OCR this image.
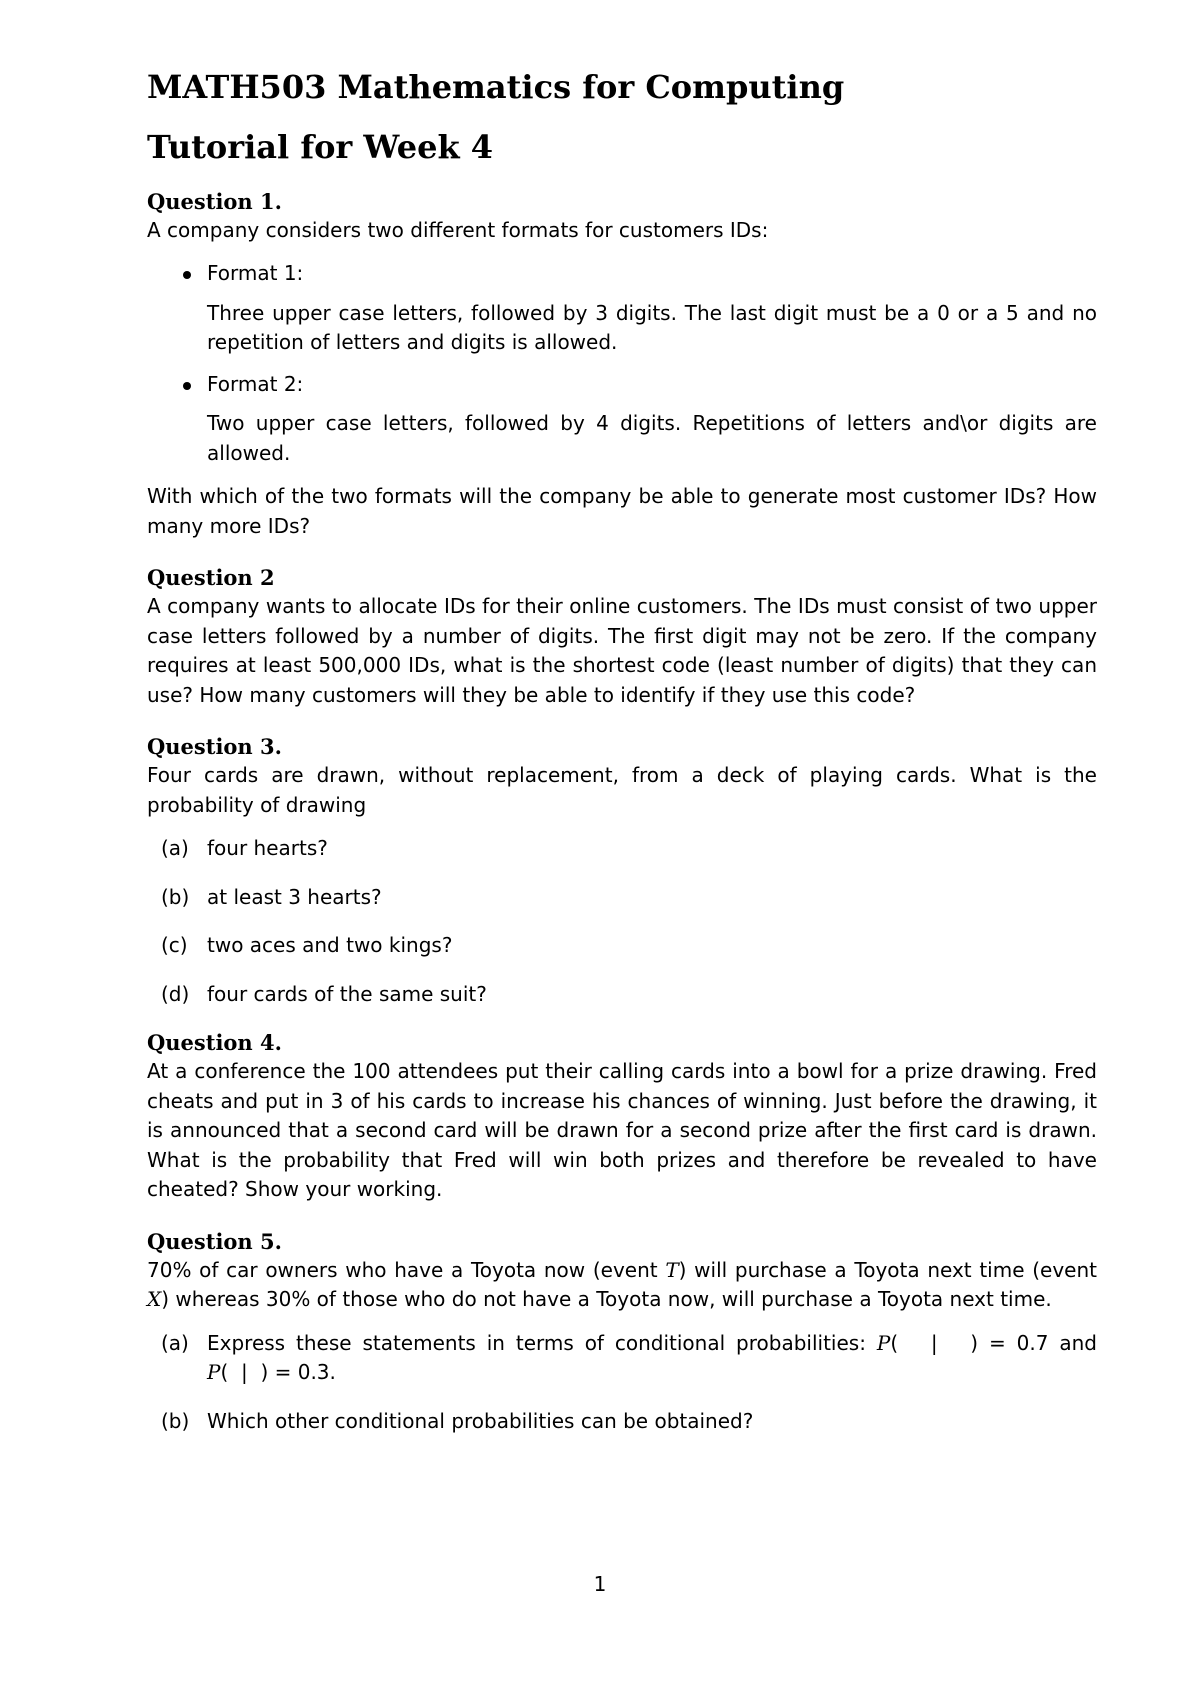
MATH503 Mathematics for Computing
Tutorial for Week 4

Question 1.

A company considers two different formats for customers IDs:

Format 1:

Three upper case letters, followed by 3 digits. The last digit must be a 0 or a 5 and no repetition of letters and digits is allowed.

Format 2:

Two upper case letters, followed by 4 digits. Repetitions of letters and\or digits are allowed.

With which of the two formats will the company be able to generate most customer IDs? How many more IDs?

Question 2

A company wants to allocate IDs for their online customers. The IDs must consist of two upper case letters followed by a number of digits. The first digit may not be zero. If the company requires at least 500,000 IDs, what is the shortest code (least number of digits) that they can use? How many customers will they be able to identify if they use this code?

Question 3.

Four cards are drawn, without replacement, from a deck of playing cards. What is the probability of drawing

(a) four hearts?
(b) at least 3 hearts?
(c) two aces and two kings?
(d) four cards of the same suit?

Question 4.

At a conference the 100 attendees put their calling cards into a bowl for a prize drawing. Fred cheats and put in 3 of his cards to increase his chances of winning. Just before the drawing, it is announced that a second card will be drawn for a second prize after the first card is drawn. What is the probability that Fred will win both prizes and therefore be revealed to have cheated? Show your working.

Question 5.

70% of car owners who have a Toyota now (event T) will purchase a Toyota next time (event X) whereas 30% of those who do not have a Toyota now, will purchase a Toyota next time.

(a) Express these statements in terms of conditional probabilities: P(   |   ) = 0.7 and P(  |  ) = 0.3.

(b) Which other conditional probabilities can be obtained?
1
